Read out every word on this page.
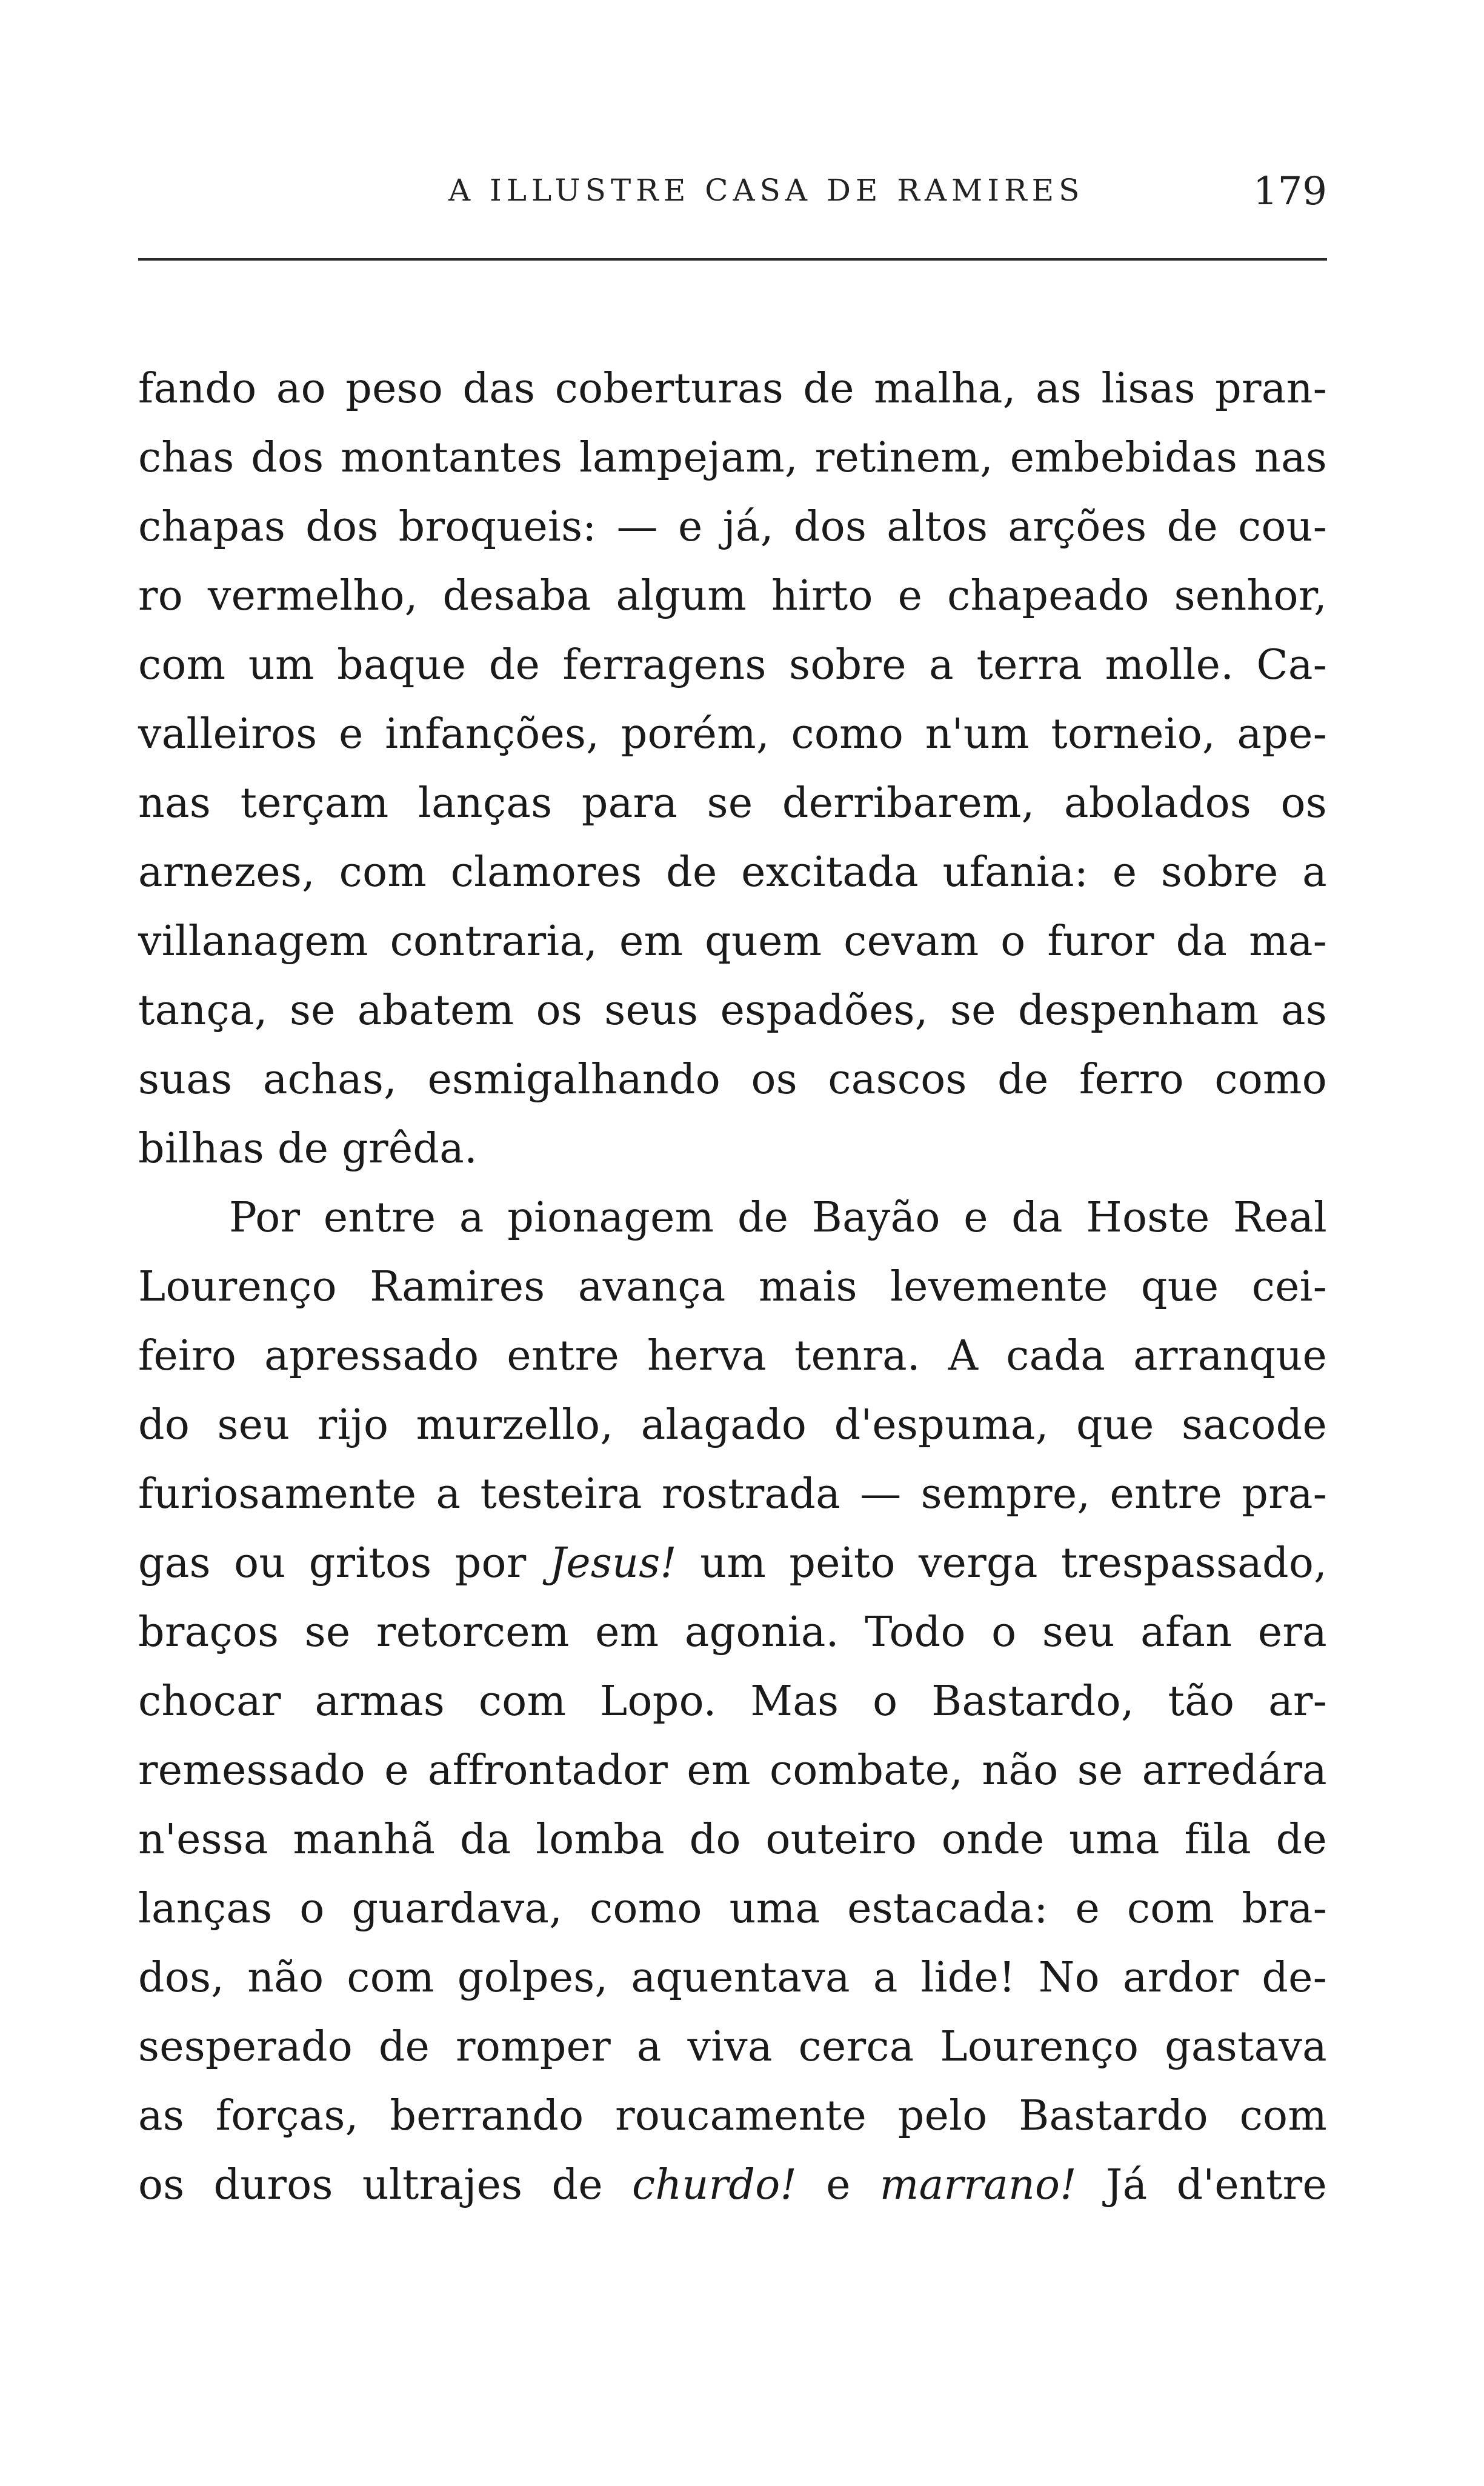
A ILLUSTRE CASA DE RAMIRES	179
fando ao peso das coberturas de malha, as lisas pran-
chas dos montantes lampejam, retinem, embebidas nas
chapas dos broqueis: — e já, dos altos arções de cou-
ro vermelho, desaba algum hirto e chapeado senhor,
com um baque de ferragens sobre a terra molle. Ca-
valleiros e infanções, porém, como n'um torneio, ape-
nas terçam lanças para se derribarem, abolados os
arnezes, com clamores de excitada ufania: e sobre a
villanagem contraria, em quem cevam o furor da ma-
tança, se abatem os seus espadões, se despenham as
suas achas, esmigalhando os cascos de ferro como
bilhas de grêda.
Por entre a pionagem de Bayão e da Hoste Real
Lourenço Ramires avança mais levemente que cei-
feiro apressado entre herva tenra. A cada arranque
do seu rijo murzello, alagado d'espuma, que sacode
furiosamente a testeira rostrada — sempre, entre pra-
gas ou gritos por Jesus! um peito verga trespassado,
braços se retorcem em agonia. Todo o seu afan era
chocar armas com Lopo. Mas o Bastardo, tão ar-
remessado e affrontador em combate, não se arredára
n'essa manhã da lomba do outeiro onde uma fila de
lanças o guardava, como uma estacada: e com bra-
dos, não com golpes, aquentava a lide! No ardor de-
sesperado de romper a viva cerca Lourenço gastava
as forças, berrando roucamente pelo Bastardo com
os duros ultrajes de churdo! e marrano! Já d'entre
